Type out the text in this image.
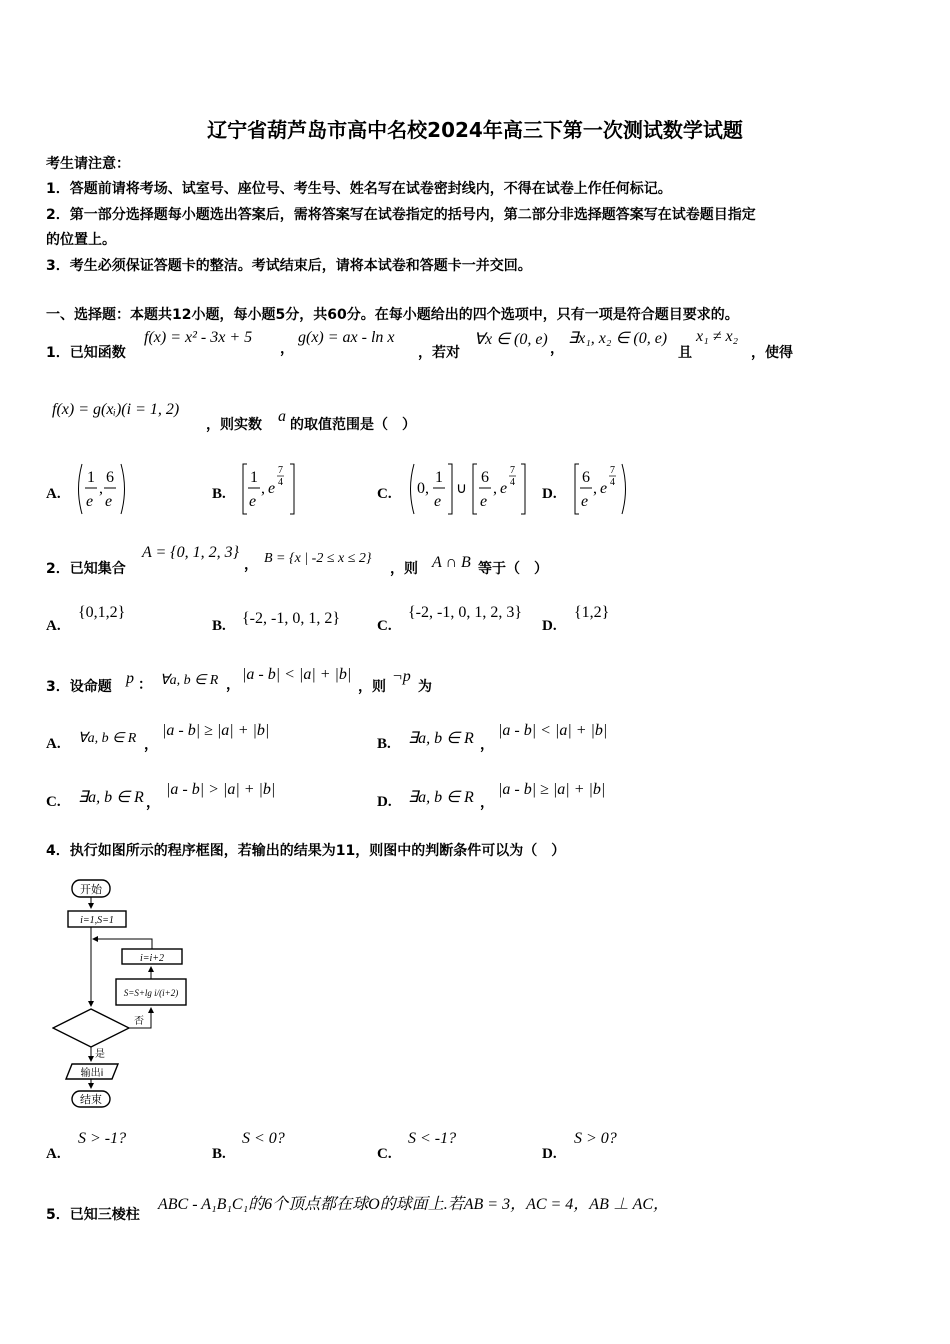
辽宁省葫芦岛市高中名校2024年高三下第一次测试数学试题
考生请注意：
1．答题前请将考场、试室号、座位号、考生号、姓名写在试卷密封线内，不得在试卷上作任何标记。
2．第一部分选择题每小题选出答案后，需将答案写在试卷指定的括号内，第二部分非选择题答案写在试卷题目指定
的位置上。
3．考生必须保证答题卡的整洁。考试结束后，请将本试卷和答题卡一并交回。
一、选择题：本题共12小题，每小题5分，共60分。在每小题给出的四个选项中，只有一项是符合题目要求的。
1．已知函数
f(x) = x² - 3x + 5
，
g(x) = ax - ln x
，若对
∀x ∈ (0, e)
，
∃x₁, x₂ ∈ (0, e)
且
x₁ ≠ x₂
，使得
f(x) = g(xᵢ)(i = 1, 2)
，则实数 a 的取值范围是（　）
A.
1
e
,
6
e	B.
1
e
, e
7
4
C. 0,
1
e
∪
6
e
, e
7
4
D.
6
e
, e
7
4
2．已知集合
A = {0, 1, 2, 3}
， B = {x | -2 ≤ x ≤ 2}
，则 A ∩ B 等于（　）
A.
{0,1,2}
B. {-2, -1, 0, 1, 2} C.
{-2, -1, 0, 1, 2, 3}
D.
{1,2}
3．设命题 p ： ∀a, b ∈ R ，
|a - b| < |a| + |b|
，则
¬p
为
A. ∀a, b ∈ R ，
|a - b| ≥ |a| + |b|
B. ∃a, b ∈ R ，
|a - b| < |a| + |b|
C. ∃a, b ∈ R ，
|a - b| > |a| + |b|
D. ∃a, b ∈ R ，
|a - b| ≥ |a| + |b|
4．执行如图所示的程序框图，若输出的结果为11，则图中的判断条件可以为（　）
开始
i=1,S=1
i=i+2
S=S+lg i/(i+2)
否
是
输出i
结束
A.
S > -1?
B.
S < 0?
C.
S < -1?
D.
S > 0?
5．已知三棱柱
ABC - A₁B₁C₁的6个顶点都在球O的球面上.若AB = 3，AC = 4，AB ⊥ AC，
